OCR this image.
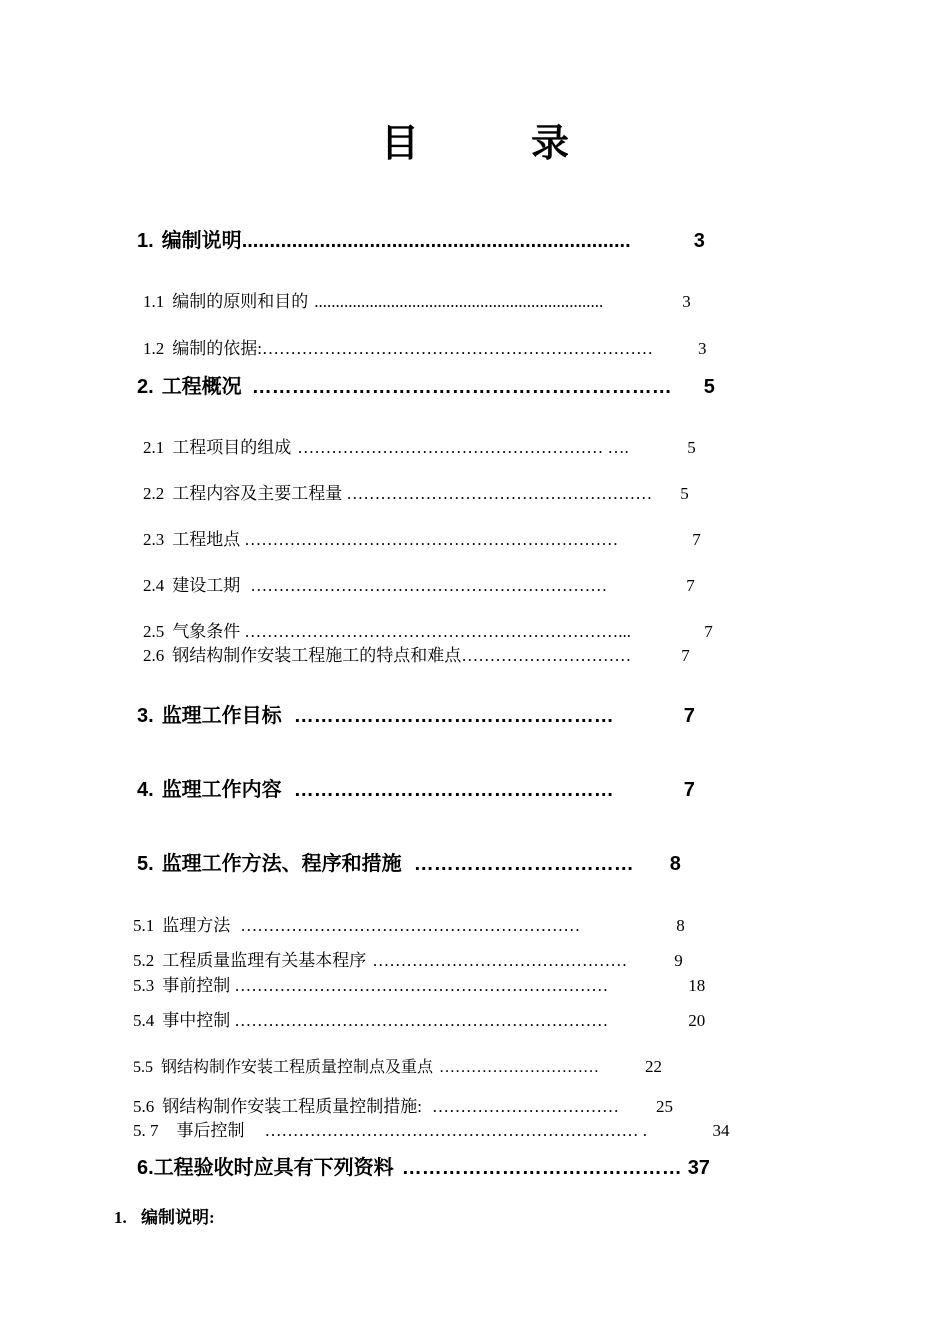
目	录
1. 编制说明 ......................................................................	3
1.1 编制的原则和目的 ....................................................................	3
1.2 编制的依据: ……………………………………………………………	3
2. 工程概况 ………………………………………………………	5
2.1 工程项目的组成 ……………………………………………… ….	5
2.2 工程内容及主要工程量 ………………………………………………	5
2.3 工程地点 …………………………………………………………	7
2.4 建设工期 ………………………………………………………	7
2.5 气象条件 …………………………………………………………...	7
2.6 钢结构制作安装工程施工的特点和难点 …………………………	7
3. 监理工作目标 …………………………………………	7
4. 监理工作内容 …………………………………………	7
5. 监理工作方法、程序和措施 ……………………………	8
5.1 监理方法 ……………………………………………………	8
5.2 工程质量监理有关基本程序 ………………………………………	9
5.3 事前控制 …………………………………………………………	18
5.4 事中控制 …………………………………………………………	20
5.5 钢结构制作安装工程质量控制点及重点 …………………………	22
5.6 钢结构制作安装工程质量控制措施: ……………………………	25
5. 7 事后控制 ………………………………………………………… .	34
6. 工程验收时应具有下列资料 …………………………………… 37
1. 编制说明:
